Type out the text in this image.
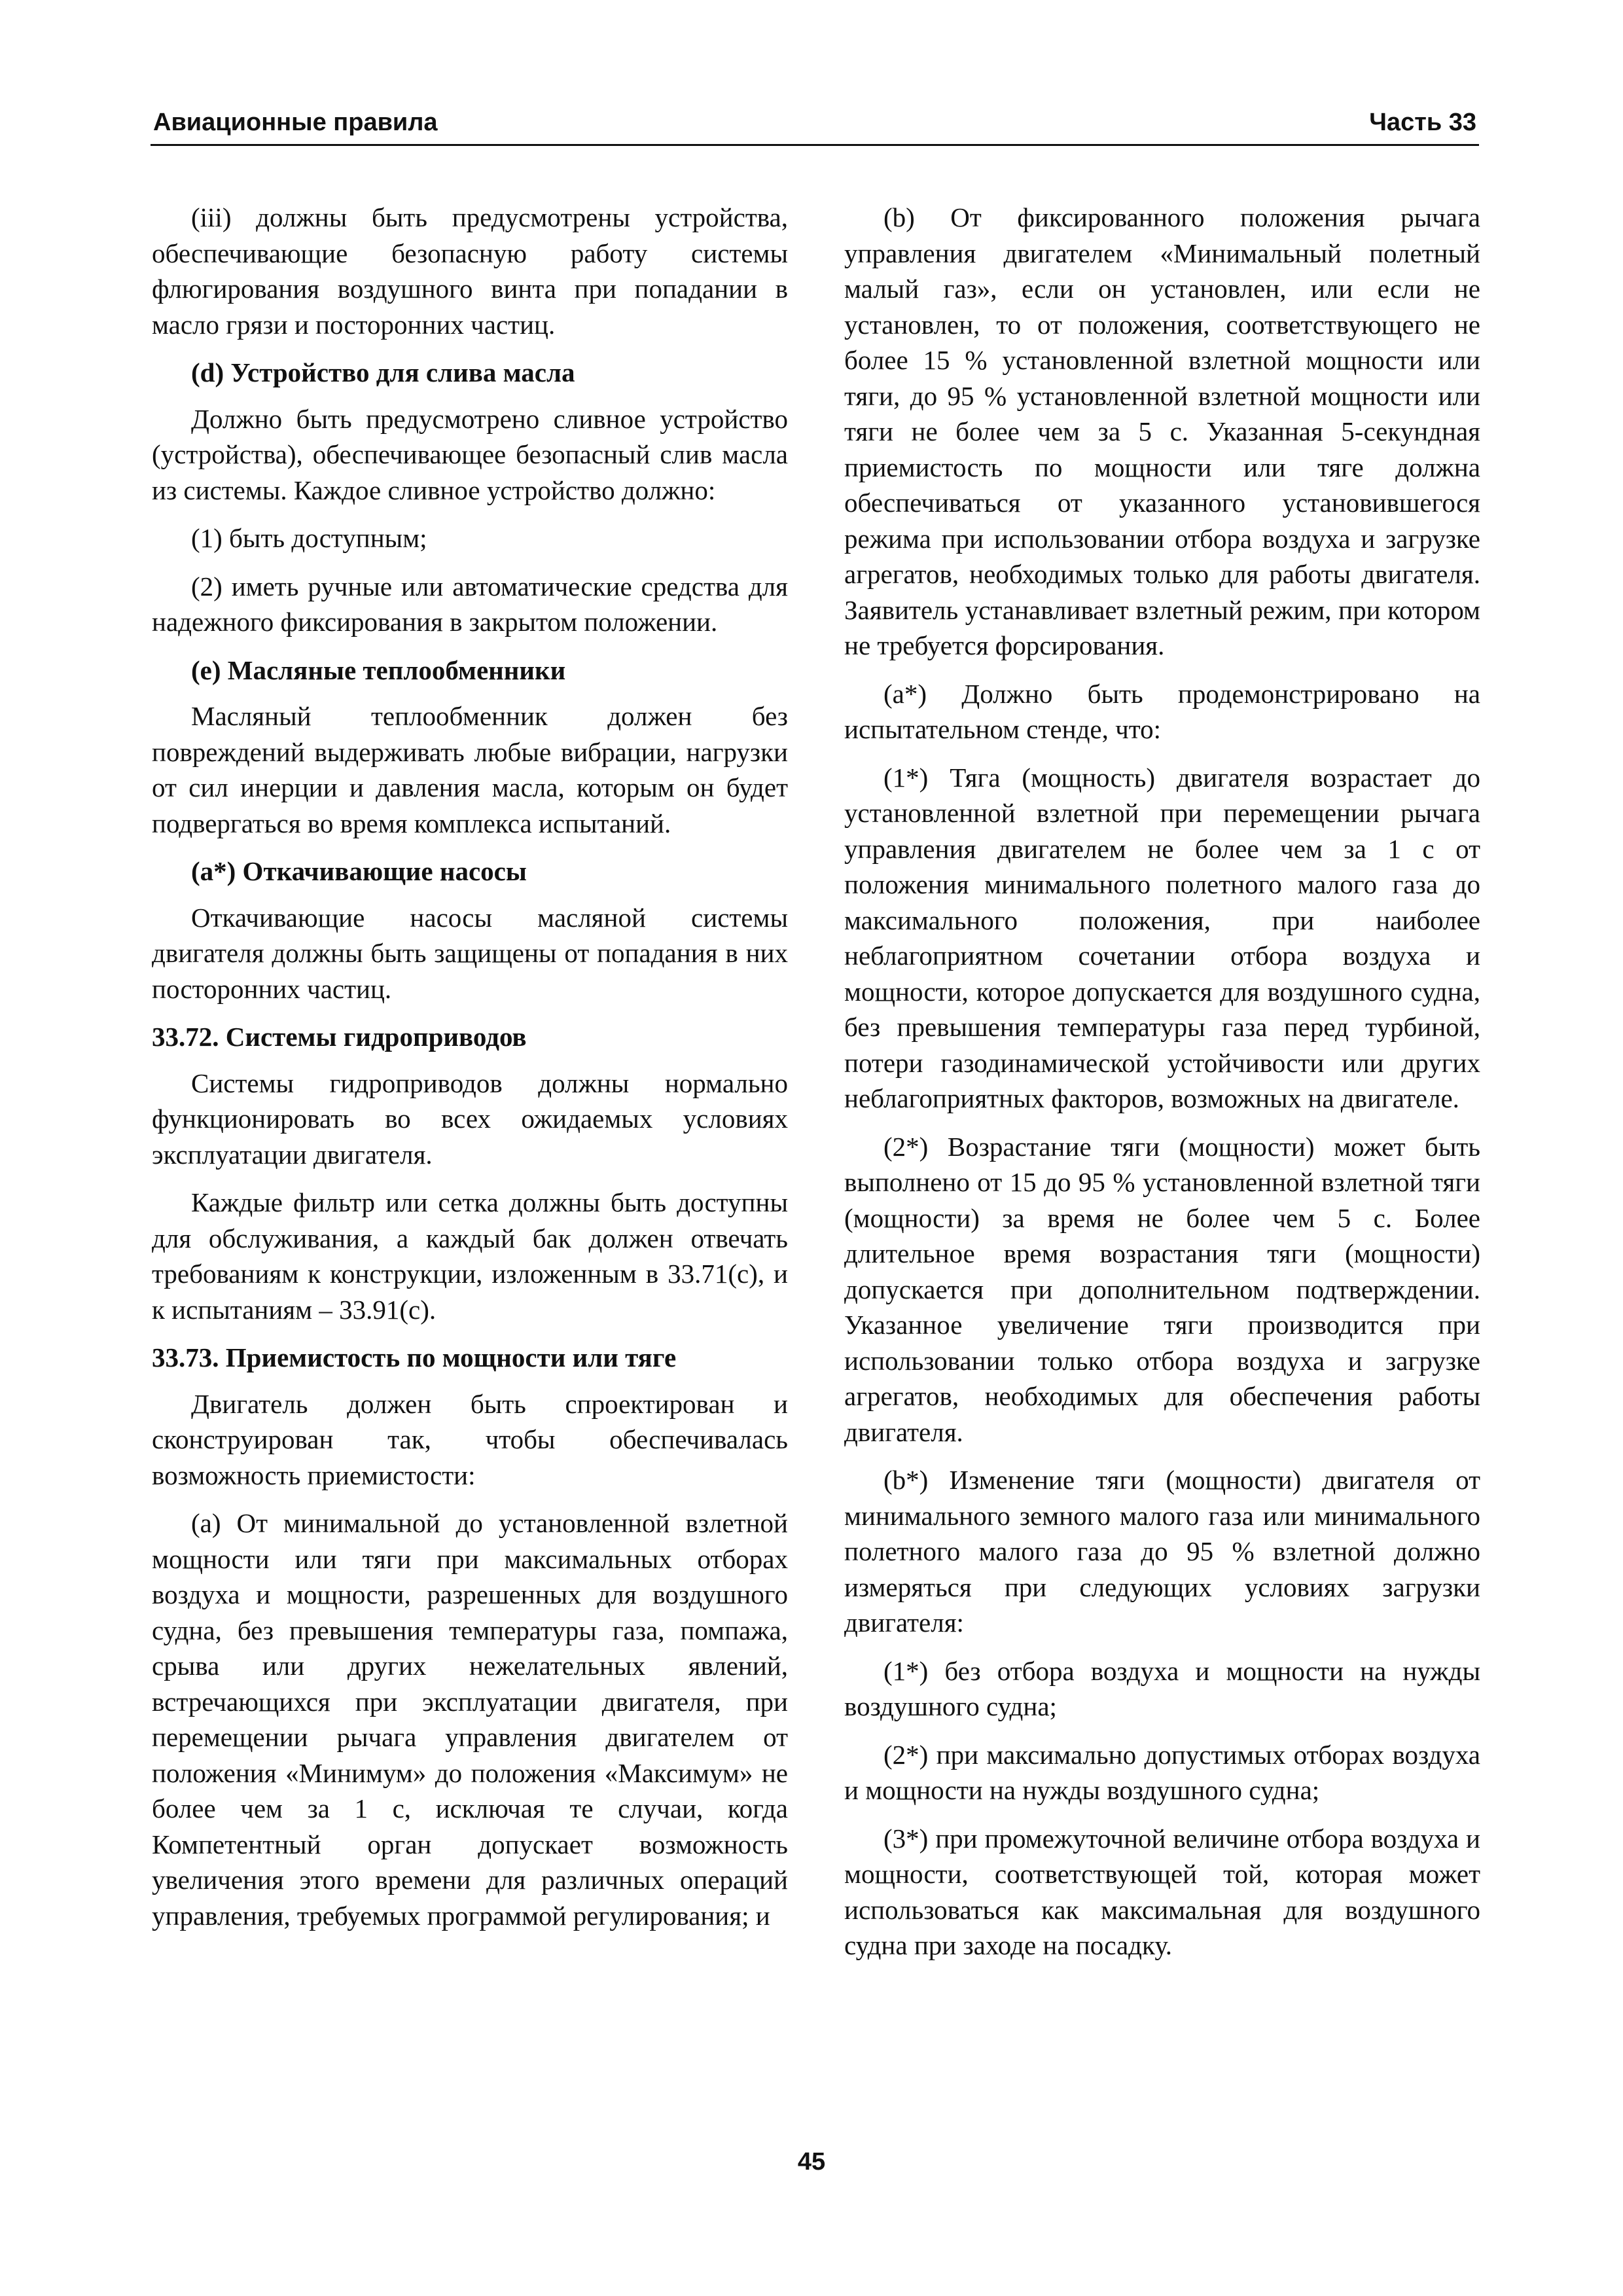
Авиационные правила	Часть 33

(iii) должны быть предусмотрены устройства, обеспечивающие безопасную работу системы флюгирования воздушного винта при попадании в масло грязи и посторонних частиц.

(d) Устройство для слива масла

Должно быть предусмотрено сливное устройство (устройства), обеспечивающее безопасный слив масла из системы. Каждое сливное устройство должно:

(1) быть доступным;

(2) иметь ручные или автоматические средства для надежного фиксирования в закрытом положении.

(e) Масляные теплообменники

Масляный теплообменник должен без повреждений выдерживать любые вибрации, нагрузки от сил инерции и давления масла, которым он будет подвергаться во время комплекса испытаний.

(a*) Откачивающие насосы

Откачивающие насосы масляной системы двигателя должны быть защищены от попадания в них посторонних частиц.

33.72. Системы гидроприводов

Системы гидроприводов должны нормально функционировать во всех ожидаемых условиях эксплуатации двигателя.

Каждые фильтр или сетка должны быть доступны для обслуживания, а каждый бак должен отвечать требованиям к конструкции, изложенным в 33.71(c), и к испытаниям – 33.91(c).

33.73. Приемистость по мощности или тяге

Двигатель должен быть спроектирован и сконструирован так, чтобы обеспечивалась возможность приемистости:

(a) От минимальной до установленной взлетной мощности или тяги при максимальных отборах воздуха и мощности, разрешенных для воздушного судна, без превышения температуры газа, помпажа, срыва или других нежелательных явлений, встречающихся при эксплуатации двигателя, при перемещении рычага управления двигателем от положения «Минимум» до положения «Максимум» не более чем за 1 с, исключая те случаи, когда Компетентный орган допускает возможность увеличения этого времени для различных операций управления, требуемых программой регулирования; и

(b) От фиксированного положения рычага управления двигателем «Минимальный полетный малый газ», если он установлен, или если не установлен, то от положения, соответствующего не более 15 % установленной взлетной мощности или тяги, до 95 % установленной взлетной мощности или тяги не более чем за 5 с. Указанная 5-секундная приемистость по мощности или тяге должна обеспечиваться от указанного установившегося режима при использовании отбора воздуха и загрузке агрегатов, необходимых только для работы двигателя. Заявитель устанавливает взлетный режим, при котором не требуется форсирования.

(a*) Должно быть продемонстрировано на испытательном стенде, что:

(1*) Тяга (мощность) двигателя возрастает до установленной взлетной при перемещении рычага управления двигателем не более чем за 1 с от положения минимального полетного малого газа до максимального положения, при наиболее неблагоприятном сочетании отбора воздуха и мощности, которое допускается для воздушного судна, без превышения температуры газа перед турбиной, потери газодинамической устойчивости или других неблагоприятных факторов, возможных на двигателе.

(2*) Возрастание тяги (мощности) может быть выполнено от 15 до 95 % установленной взлетной тяги (мощности) за время не более чем 5 с. Более длительное время возрастания тяги (мощности) допускается при дополнительном подтверждении. Указанное увеличение тяги производится при использовании только отбора воздуха и загрузке агрегатов, необходимых для обеспечения работы двигателя.

(b*) Изменение тяги (мощности) двигателя от минимального земного малого газа или минимального полетного малого газа до 95 % взлетной должно измеряться при следующих условиях загрузки двигателя:

(1*) без отбора воздуха и мощности на нужды воздушного судна;

(2*) при максимально допустимых отборах воздуха и мощности на нужды воздушного судна;

(3*) при промежуточной величине отбора воздуха и мощности, соответствующей той, которая может использоваться как максимальная для воздушного судна при заходе на посадку.

45
